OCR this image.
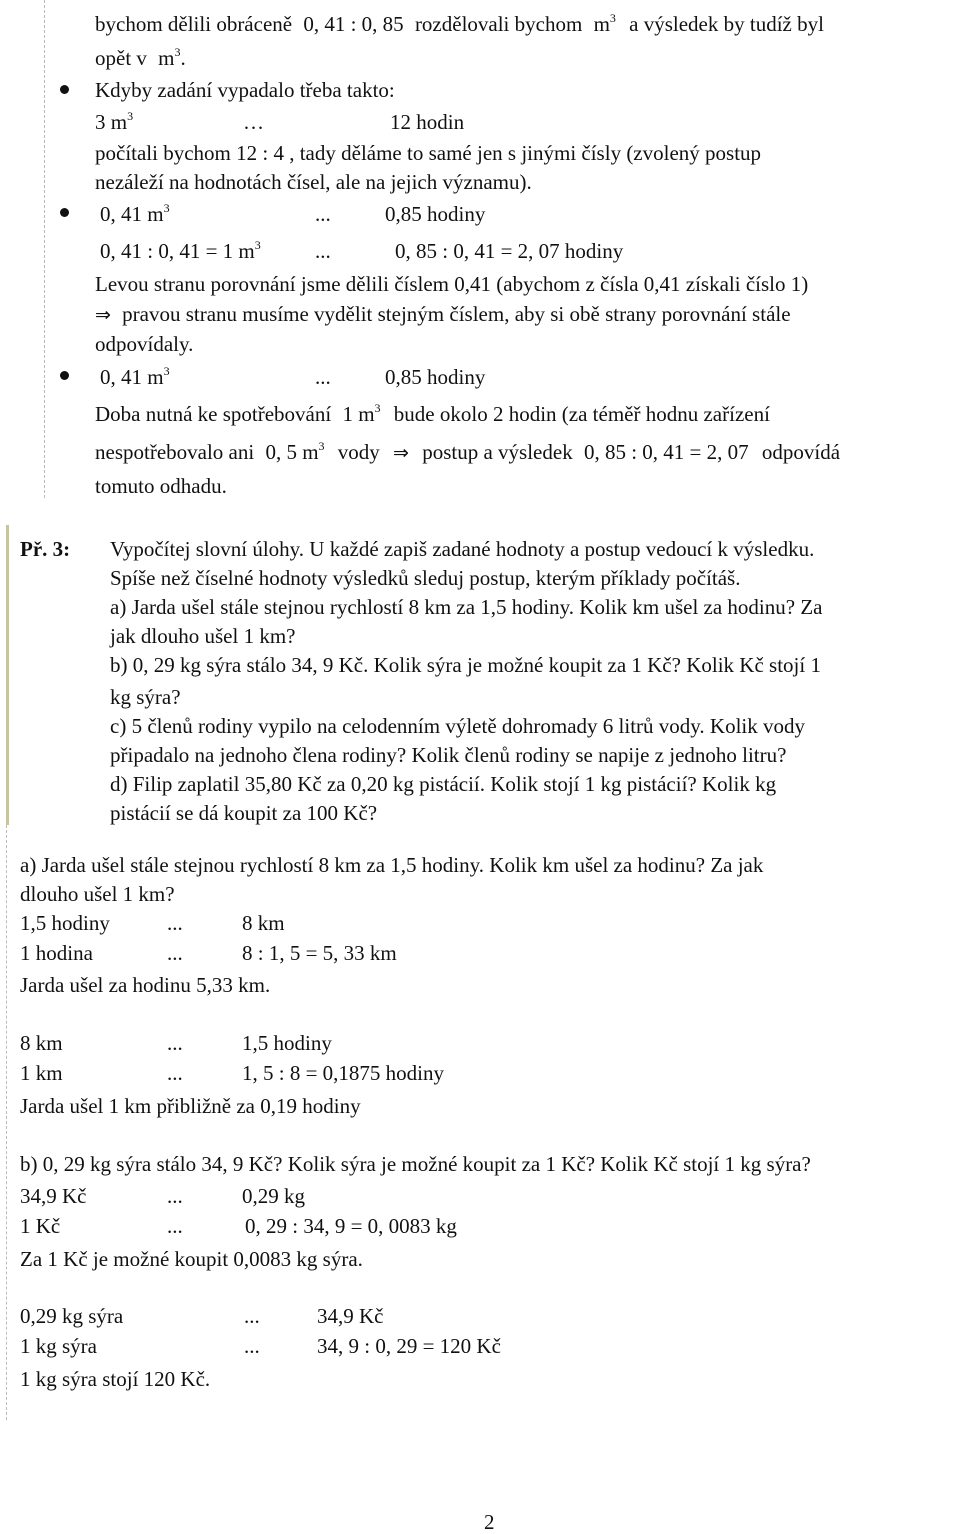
bychom dělili obráceně 0, 41 : 0, 85 rozdělovali bychom $m^3$ a výsledek by tudíž byl
opět v $m^3$.
Kdyby zadání vypadalo třeba takto:
3 $m^3$	…	12 hodin
počítali bychom 12 : 4 , tady děláme to samé jen s jinými čísly (zvolený postup
nezáleží na hodnotách čísel, ale na jejich významu).
0, 41 $m^3$	...	0,85 hodiny
0, 41 : 0, 41 = 1 $m^3$	...	0, 85 : 0, 41 = 2, 07 hodiny
Levou stranu porovnání jsme dělili číslem 0,41 (abychom z čísla 0,41 získali číslo 1)
⇒ pravou stranu musíme vydělit stejným číslem, aby si obě strany porovnání stále
odpovídaly.
0, 41 $m^3$	...	0,85 hodiny
Doba nutná ke spotřebování 1 $m^3$ bude okolo 2 hodin (za téměř hodnu zařízení
nespotřebovalo ani 0, 5 $m^3$ vody ⇒ postup a výsledek 0, 85 : 0, 41 = 2, 07 odpovídá
tomuto odhadu.
Př. 3: Vypočítej slovní úlohy. U každé zapiš zadané hodnoty a postup vedoucí k výsledku.
Spíše než číselné hodnoty výsledků sleduj postup, kterým příklady počítáš.
a) Jarda ušel stále stejnou rychlostí 8 km za 1,5 hodiny. Kolik km ušel za hodinu? Za
jak dlouho ušel 1 km?
b) 0, 29 kg sýra stálo 34, 9 Kč. Kolik sýra je možné koupit za 1 Kč? Kolik Kč stojí 1
kg sýra?
c) 5 členů rodiny vypilo na celodenním výletě dohromady 6 litrů vody. Kolik vody
připadalo na jednoho člena rodiny? Kolik členů rodiny se napije z jednoho litru?
d) Filip zaplatil 35,80 Kč za 0,20 kg pistácií. Kolik stojí 1 kg pistácií? Kolik kg
pistácií se dá koupit za 100 Kč?
a) Jarda ušel stále stejnou rychlostí 8 km za 1,5 hodiny. Kolik km ušel za hodinu? Za jak
dlouho ušel 1 km?
1,5 hodiny	...	8 km
1 hodina	...	8 : 1, 5 = 5, 33 km
Jarda ušel za hodinu 5,33 km.
8 km	...	1,5 hodiny
1 km	...	1, 5 : 8 = 0,1875 hodiny
Jarda ušel 1 km přibližně za 0,19 hodiny
b) 0, 29 kg sýra stálo 34, 9 Kč? Kolik sýra je možné koupit za 1 Kč? Kolik Kč stojí 1 kg sýra?
34,9 Kč	...	0,29 kg
1 Kč	...	0, 29 : 34, 9 = 0, 0083 kg
Za 1 Kč je možné koupit 0,0083 kg sýra.
0,29 kg sýra	...	34,9 Kč
1 kg sýra	...	34, 9 : 0, 29 = 120 Kč
1 kg sýra stojí 120 Kč.
2
